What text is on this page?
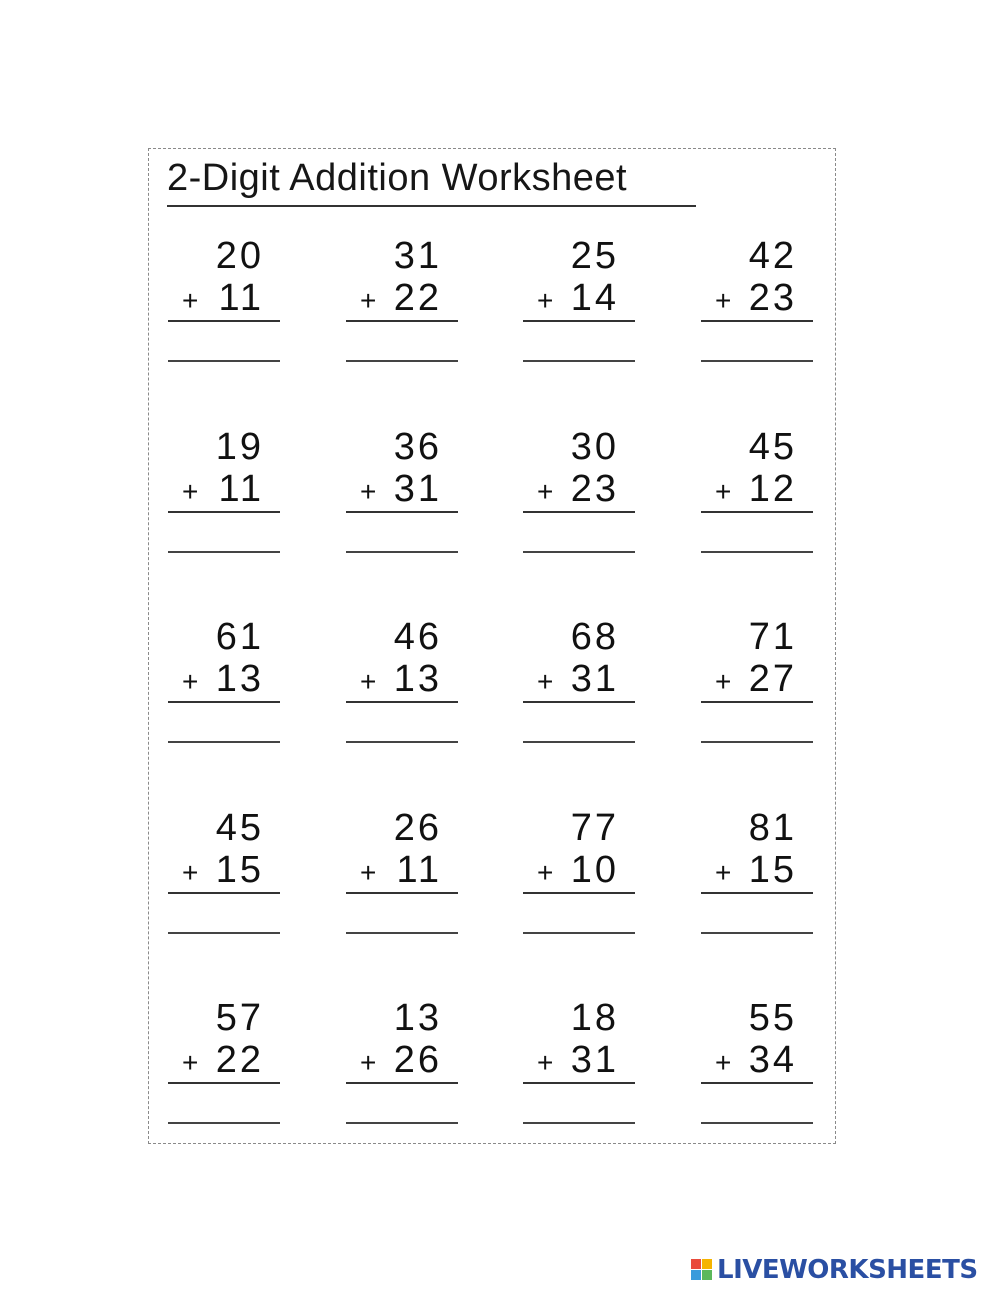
2-Digit Addition Worksheet
20
+ 11
31
+ 22
25
+ 14
42
+ 23
19
+ 11
36
+ 31
30
+ 23
45
+ 12
61
+ 13
46
+ 13
68
+ 31
71
+ 27
45
+ 15
26
+ 11
77
+ 10
81
+ 15
57
+ 22
13
+ 26
18
+ 31
55
+ 34
LIVEWORKSHEETS
